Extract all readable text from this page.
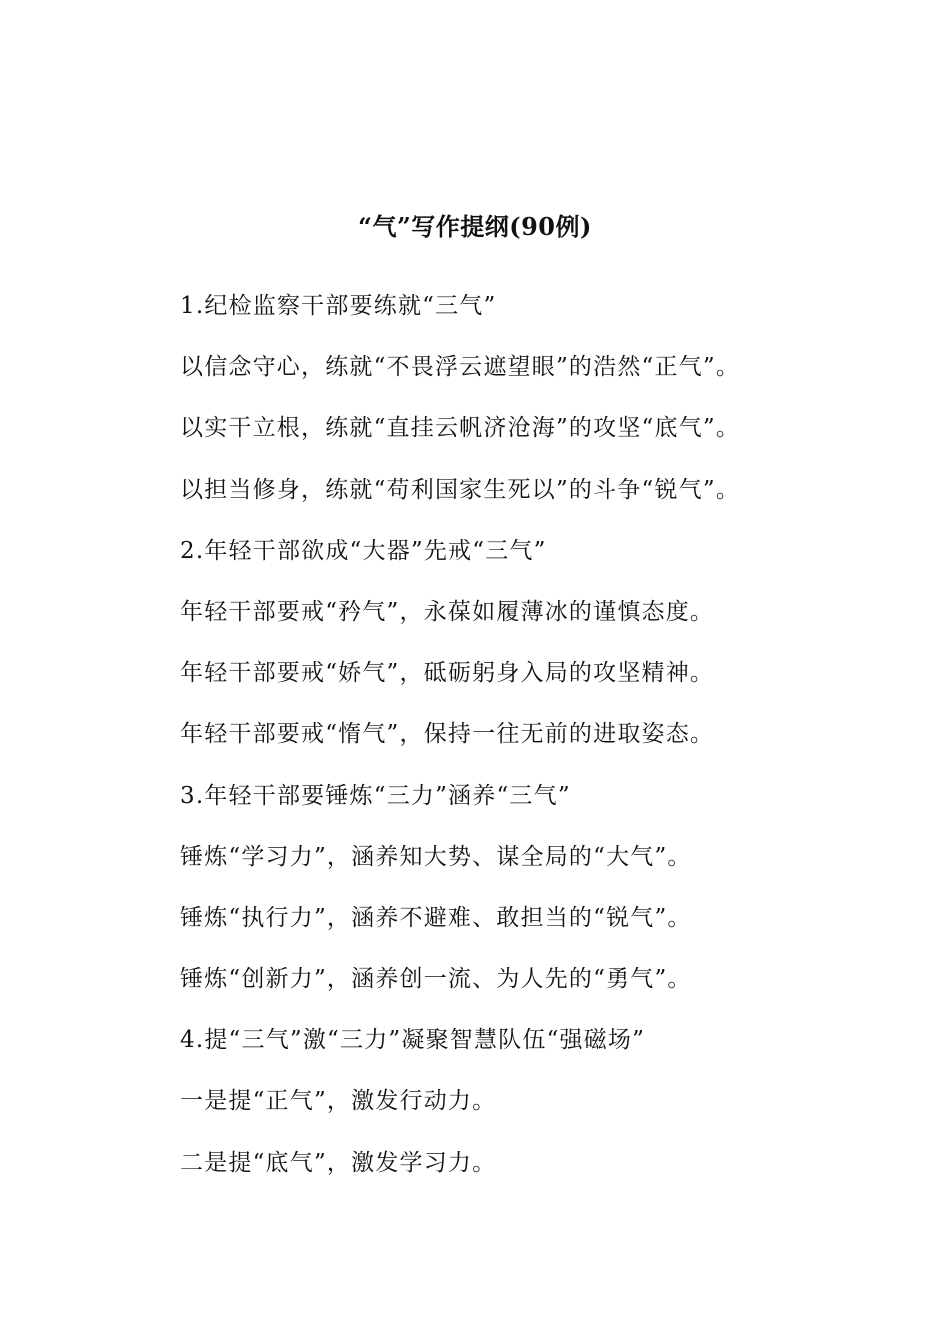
“气”写作提纲(90例)
1.纪检监察干部要练就“三气”
以信念守心，练就“不畏浮云遮望眼”的浩然“正气”。
以实干立根，练就“直挂云帆济沧海”的攻坚“底气”。
以担当修身，练就“苟利国家生死以”的斗争“锐气”。
2.年轻干部欲成“大器”先戒“三气”
年轻干部要戒“矜气”，永葆如履薄冰的谨慎态度。
年轻干部要戒“娇气”，砥砺躬身入局的攻坚精神。
年轻干部要戒“惰气”，保持一往无前的进取姿态。
3.年轻干部要锤炼“三力”涵养“三气”
锤炼“学习力”，涵养知大势、谋全局的“大气”。
锤炼“执行力”，涵养不避难、敢担当的“锐气”。
锤炼“创新力”，涵养创一流、为人先的“勇气”。
4.提“三气”激“三力”凝聚智慧队伍“强磁场”
一是提“正气”，激发行动力。
二是提“底气”，激发学习力。
